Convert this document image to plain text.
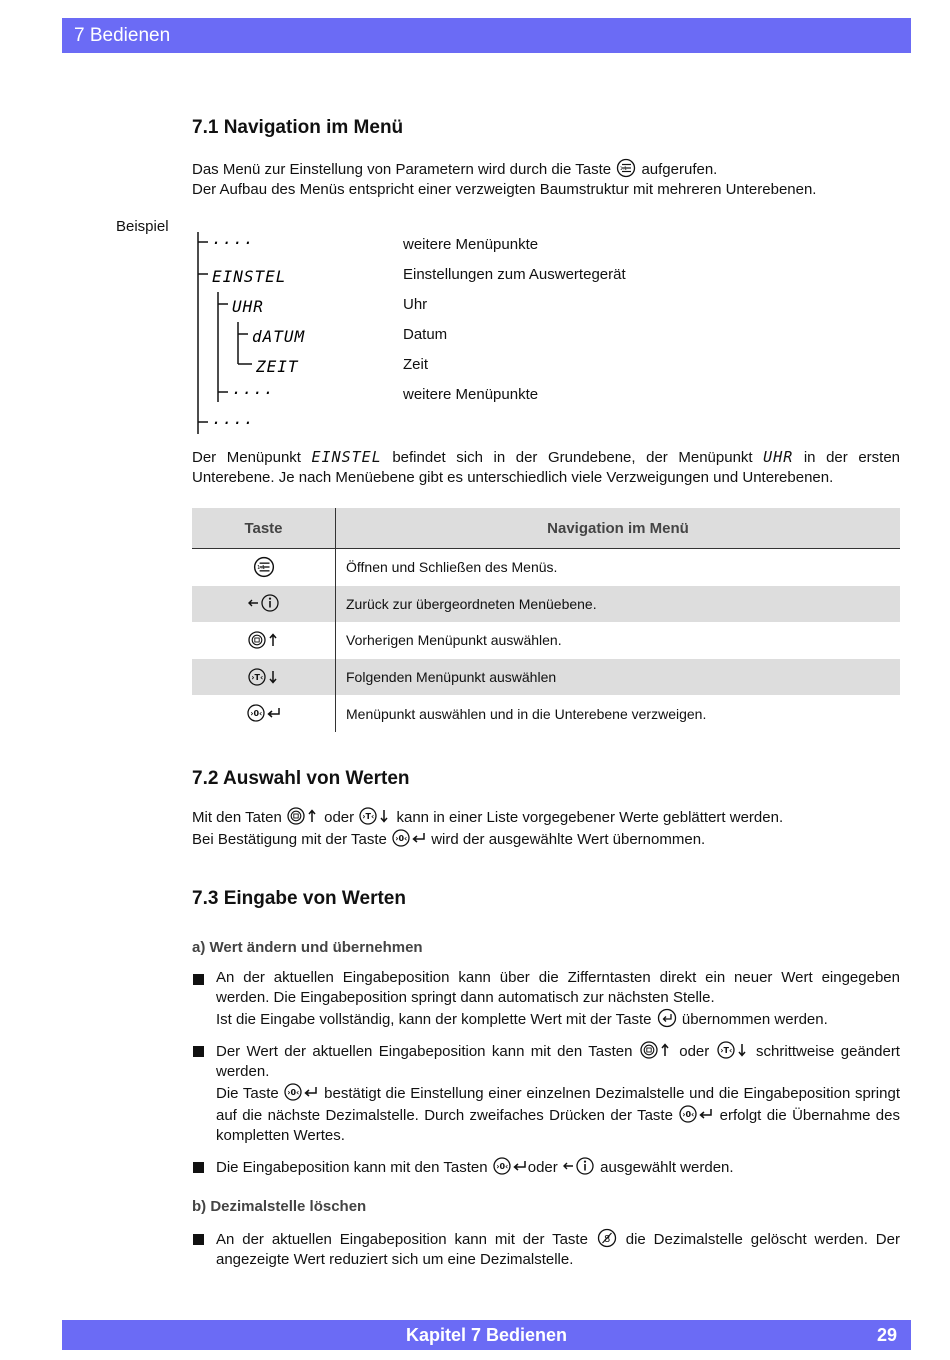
7 Bedienen
7.1 Navigation im Menü

Das Menü zur Einstellung von Parametern wird durch die Taste aufgerufen.

Der Aufbau des Menüs entspricht einer verzweigten Baumstruktur mit mehreren Unterebenen.

Beispiel
....	weitere Menüpunkte
EINSTEL	Einstellungen zum Auswertegerät
UHR	Uhr
dATUM	Datum
ZEIT	Zeit
....	weitere Menüpunkte
....

Der Menüpunkt EINSTEL befindet sich in der Grundebene, der Menüpunkt UHR in der ersten Unterebene. Je nach Menüebene gibt es unterschiedlich viele Verzweigungen und Unterebenen.

Taste	Navigation im Menü

	Öffnen und Schließen des Menüs.

	Zurück zur übergeordneten Menüebene.

	Vorherigen Menüpunkt auswählen.

	Folgenden Menüpunkt auswählen

	Menüpunkt auswählen und in die Unterebene verzweigen.
7.2 Auswahl von Werten

Mit den Taten	oder	kann in einer Liste vorgegebener Werte geblättert werden.

Bei Bestätigung mit der Taste	wird der ausgewählte Wert übernommen.

7.3 Eingabe von Werten
a) Wert ändern und übernehmen

An der aktuellen Eingabeposition kann über die Zifferntasten direkt ein neuer Wert eingegeben werden. Die Eingabeposition springt dann automatisch zur nächsten Stelle.

Ist die Eingabe vollständig, kann der komplette Wert mit der Taste übernommen werden.

Der Wert der aktuellen Eingabeposition kann mit den Tasten	oder	schrittweise geändert werden.

Die Taste	bestätigt die Einstellung einer einzelnen Dezimalstelle und die Eingabeposition springt auf die nächste Dezimalstelle. Durch zweifaches Drücken der Taste	erfolgt die Übernahme des kompletten Wertes.

Die Eingabeposition kann mit den Tasten	oder	ausgewählt werden.

b) Dezimalstelle löschen

An der aktuellen Eingabeposition kann mit der Taste	die Dezimalstelle gelöscht werden. Der angezeigte Wert reduziert sich um eine Dezimalstelle.

Kapitel 7 Bedienen	29
